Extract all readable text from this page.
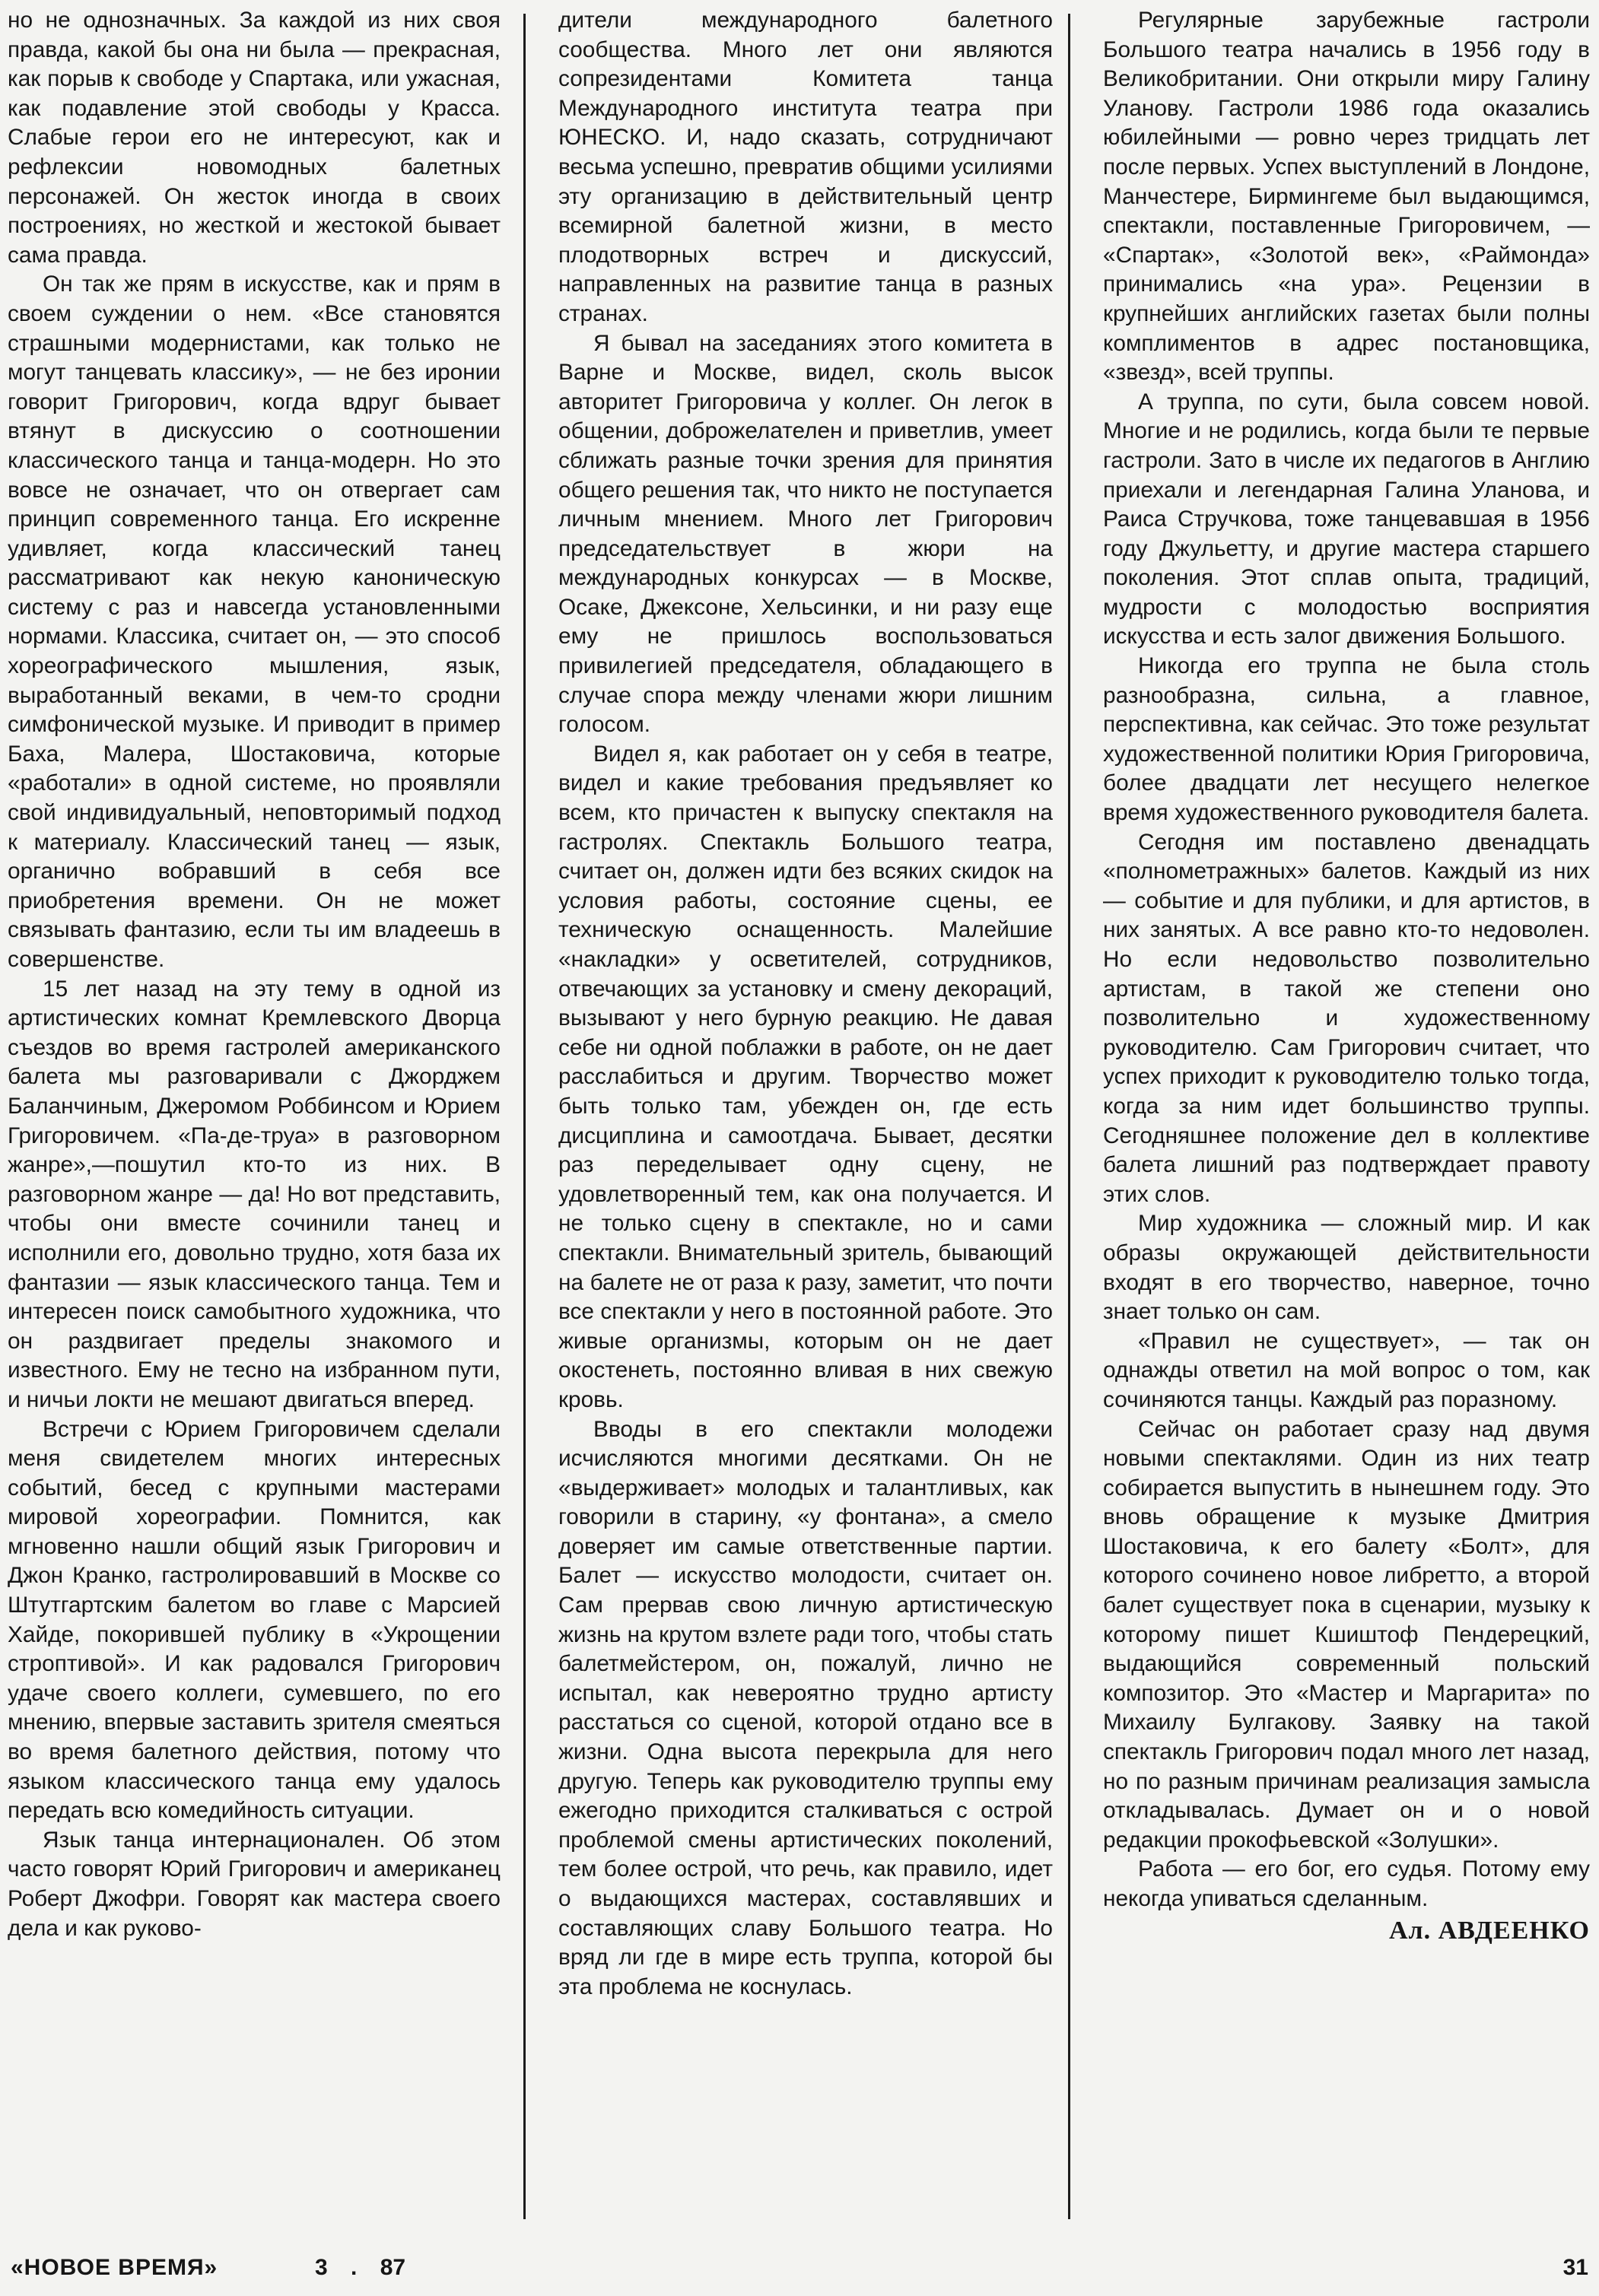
но не однозначных. За каждой из них своя правда, какой бы она ни была — прекрасная, как порыв к свободе у Спартака, или ужасная, как подавление этой свободы у Красса. Слабые герои его не интересуют, как и рефлексии новомодных балетных персонажей. Он жесток иногда в своих построениях, но жесткой и жестокой бывает сама правда.

Он так же прям в искусстве, как и прям в своем суждении о нем. «Все становятся страшными модернистами, как только не могут танцевать классику», — не без иронии говорит Григорович, когда вдруг бывает втянут в дискуссию о соотношении классического танца и танца-модерн. Но это вовсе не означает, что он отвергает сам принцип современного танца. Его искренне удивляет, когда классический танец рассматривают как некую каноническую систему с раз и навсегда установленными нормами. Классика, считает он, — это способ хореографического мышления, язык, выработанный веками, в чем-то сродни симфонической музыке. И приводит в пример Баха, Малера, Шостаковича, которые «работали» в одной системе, но проявляли свой индивидуальный, неповторимый подход к материалу. Классический танец — язык, органично вобравший в себя все приобретения времени. Он не может связывать фантазию, если ты им владеешь в совершенстве.

15 лет назад на эту тему в одной из артистических комнат Кремлевского Дворца съездов во время гастролей американского балета мы разговаривали с Джорджем Баланчиным, Джеромом Роббинсом и Юрием Григоровичем. «Па-де-труа» в разговорном жанре»,—пошутил кто-то из них. В разговорном жанре — да! Но вот представить, чтобы они вместе сочинили танец и исполнили его, довольно трудно, хотя база их фантазии — язык классического танца. Тем и интересен поиск самобытного художника, что он раздвигает пределы знакомого и известного. Ему не тесно на избранном пути, и ничьи локти не мешают двигаться вперед.

Встречи с Юрием Григоровичем сделали меня свидетелем многих интересных событий, бесед с крупными мастерами мировой хореографии. Помнится, как мгновенно нашли общий язык Григорович и Джон Кранко, гастролировавший в Москве со Штутгартским балетом во главе с Марсией Хайде, покорившей публику в «Укрощении строптивой». И как радовался Григорович удаче своего коллеги, сумевшего, по его мнению, впервые заставить зрителя смеяться во время балетного действия, потому что языком классического танца ему удалось передать всю комедийность ситуации.

Язык танца интернационален. Об этом часто говорят Юрий Григорович и американец Роберт Джофри. Говорят как мастера своего дела и как руково-

дители международного балетного сообщества. Много лет они являются сопрезидентами Комитета танца Международного института театра при ЮНЕСКО. И, надо сказать, сотрудничают весьма успешно, превратив общими усилиями эту организацию в действительный центр всемирной балетной жизни, в место плодотворных встреч и дискуссий, направленных на развитие танца в разных странах.

Я бывал на заседаниях этого комитета в Варне и Москве, видел, сколь высок авторитет Григоровича у коллег. Он легок в общении, доброжелателен и приветлив, умеет сближать разные точки зрения для принятия общего решения так, что никто не поступается личным мнением. Много лет Григорович председательствует в жюри на международных конкурсах — в Москве, Осаке, Джексоне, Хельсинки, и ни разу еще ему не пришлось воспользоваться привилегией председателя, обладающего в случае спора между членами жюри лишним голосом.

Видел я, как работает он у себя в театре, видел и какие требования предъявляет ко всем, кто причастен к выпуску спектакля на гастролях. Спектакль Большого театра, считает он, должен идти без всяких скидок на условия работы, состояние сцены, ее техническую оснащенность. Малейшие «накладки» у осветителей, сотрудников, отвечающих за установку и смену декораций, вызывают у него бурную реакцию. Не давая себе ни одной поблажки в работе, он не дает расслабиться и другим. Творчество может быть только там, убежден он, где есть дисциплина и самоотдача. Бывает, десятки раз переделывает одну сцену, не удовлетворенный тем, как она получается. И не только сцену в спектакле, но и сами спектакли. Внимательный зритель, бывающий на балете не от раза к разу, заметит, что почти все спектакли у него в постоянной работе. Это живые организмы, которым он не дает окостенеть, постоянно вливая в них свежую кровь.

Вводы в его спектакли молодежи исчисляются многими десятками. Он не «выдерживает» молодых и талантливых, как говорили в старину, «у фонтана», а смело доверяет им самые ответственные партии. Балет — искусство молодости, считает он. Сам прервав свою личную артистическую жизнь на крутом взлете ради того, чтобы стать балетмейстером, он, пожалуй, лично не испытал, как невероятно трудно артисту расстаться со сценой, которой отдано все в жизни. Одна высота перекрыла для него другую. Теперь как руководителю труппы ему ежегодно приходится сталкиваться с острой проблемой смены артистических поколений, тем более острой, что речь, как правило, идет о выдающихся мастерах, составлявших и составляющих славу Большого театра. Но вряд ли где в мире есть труппа, которой бы эта проблема не коснулась.

Регулярные зарубежные гастроли Большого театра начались в 1956 году в Великобритании. Они открыли миру Галину Уланову. Гастроли 1986 года оказались юбилейными — ровно через тридцать лет после первых. Успех выступлений в Лондоне, Манчестере, Бирмингеме был выдающимся, спектакли, поставленные Григоровичем, — «Спартак», «Золотой век», «Раймонда» принимались «на ура». Рецензии в крупнейших английских газетах были полны комплиментов в адрес постановщика, «звезд», всей труппы.

А труппа, по сути, была совсем новой. Многие и не родились, когда были те первые гастроли. Зато в числе их педагогов в Англию приехали и легендарная Галина Уланова, и Раиса Стручкова, тоже танцевавшая в 1956 году Джульетту, и другие мастера старшего поколения. Этот сплав опыта, традиций, мудрости с молодостью восприятия искусства и есть залог движения Большого.

Никогда его труппа не была столь разнообразна, сильна, а главное, перспективна, как сейчас. Это тоже результат художественной политики Юрия Григоровича, более двадцати лет несущего нелегкое время художественного руководителя балета.

Сегодня им поставлено двенадцать «полнометражных» балетов. Каждый из них — событие и для публики, и для артистов, в них занятых. А все равно кто-то недоволен. Но если недовольство позволительно артистам, в такой же степени оно позволительно и художественному руководителю. Сам Григорович считает, что успех приходит к руководителю только тогда, когда за ним идет большинство труппы. Сегодняшнее положение дел в коллективе балета лишний раз подтверждает правоту этих слов.

Мир художника — сложный мир. И как образы окружающей действительности входят в его творчество, наверное, точно знает только он сам.

«Правил не существует», — так он однажды ответил на мой вопрос о том, как сочиняются танцы. Каждый раз поразному.

Сейчас он работает сразу над двумя новыми спектаклями. Один из них театр собирается выпустить в нынешнем году. Это вновь обращение к музыке Дмитрия Шостаковича, к его балету «Болт», для которого сочинено новое либретто, а второй балет существует пока в сценарии, музыку к которому пишет Кшиштоф Пендерецкий, выдающийся современный польский композитор. Это «Мастер и Маргарита» по Михаилу Булгакову. Заявку на такой спектакль Григорович подал много лет назад, но по разным причинам реализация замысла откладывалась. Думает он и о новой редакции прокофьевской «Золушки».

Работа — его бог, его судья. Потому ему некогда упиваться сделанным.

Ал. АВДЕЕНКО
«НОВОЕ ВРЕМЯ»	3 . 87	31
